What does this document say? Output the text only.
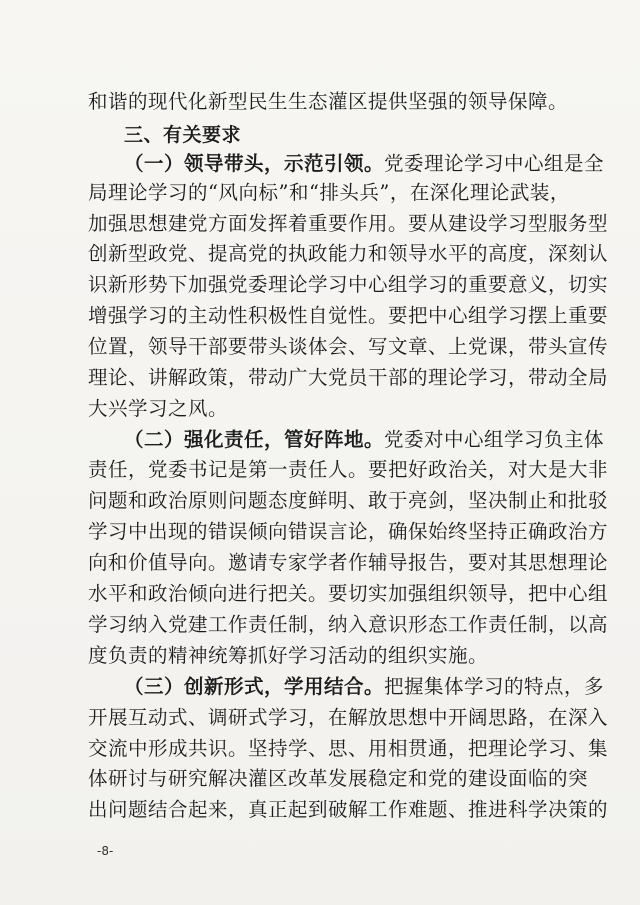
和谐的现代化新型民生生态灌区提供坚强的领导保障。
三、有关要求
（一）领导带头，示范引领。党委理论学习中心组是全
局理论学习的“风向标”和“排头兵”，在深化理论武装，
加强思想建党方面发挥着重要作用。要从建设学习型服务型
创新型政党、提高党的执政能力和领导水平的高度，深刻认
识新形势下加强党委理论学习中心组学习的重要意义，切实
增强学习的主动性积极性自觉性。要把中心组学习摆上重要
位置，领导干部要带头谈体会、写文章、上党课，带头宣传
理论、讲解政策，带动广大党员干部的理论学习，带动全局
大兴学习之风。
（二）强化责任，管好阵地。党委对中心组学习负主体
责任，党委书记是第一责任人。要把好政治关，对大是大非
问题和政治原则问题态度鲜明、敢于亮剑，坚决制止和批驳
学习中出现的错误倾向错误言论，确保始终坚持正确政治方
向和价值导向。邀请专家学者作辅导报告，要对其思想理论
水平和政治倾向进行把关。要切实加强组织领导，把中心组
学习纳入党建工作责任制，纳入意识形态工作责任制，以高
度负责的精神统筹抓好学习活动的组织实施。
（三）创新形式，学用结合。把握集体学习的特点，多
开展互动式、调研式学习，在解放思想中开阔思路，在深入
交流中形成共识。坚持学、思、用相贯通，把理论学习、集
体研讨与研究解决灌区改革发展稳定和党的建设面临的突
出问题结合起来，真正起到破解工作难题、推进科学决策的
-8-
